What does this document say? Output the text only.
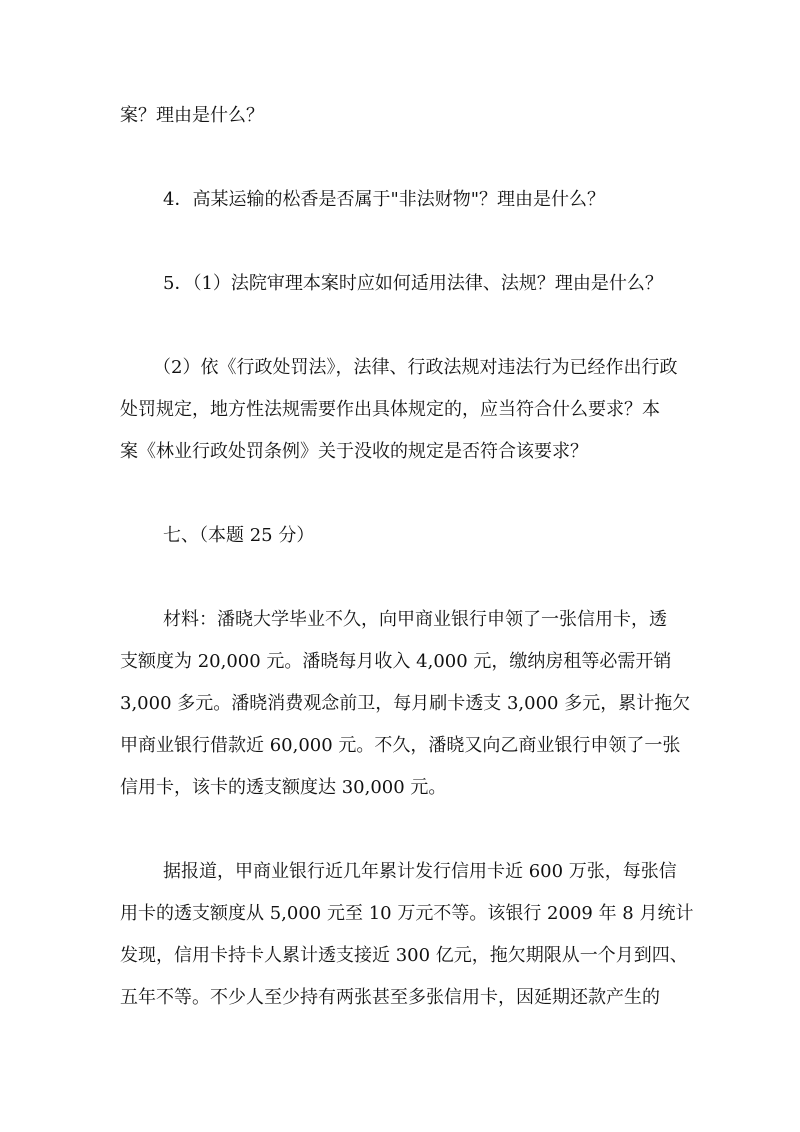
案？理由是什么？
4．高某运输的松香是否属于"非法财物"？理由是什么？
5．（1）法院审理本案时应如何适用法律、法规？理由是什么？
（2）依《行政处罚法》，法律、行政法规对违法行为已经作出行政
处罚规定，地方性法规需要作出具体规定的，应当符合什么要求？本
案《林业行政处罚条例》关于没收的规定是否符合该要求？
七、（本题 25 分）
材料：潘晓大学毕业不久，向甲商业银行申领了一张信用卡，透
支额度为 20,000 元。潘晓每月收入 4,000 元，缴纳房租等必需开销
3,000 多元。潘晓消费观念前卫，每月刷卡透支 3,000 多元，累计拖欠
甲商业银行借款近 60,000 元。不久，潘晓又向乙商业银行申领了一张
信用卡，该卡的透支额度达 30,000 元。
据报道，甲商业银行近几年累计发行信用卡近 600 万张，每张信
用卡的透支额度从 5,000 元至 10 万元不等。该银行 2009 年 8 月统计
发现，信用卡持卡人累计透支接近 300 亿元，拖欠期限从一个月到四、
五年不等。不少人至少持有两张甚至多张信用卡，因延期还款产生的
